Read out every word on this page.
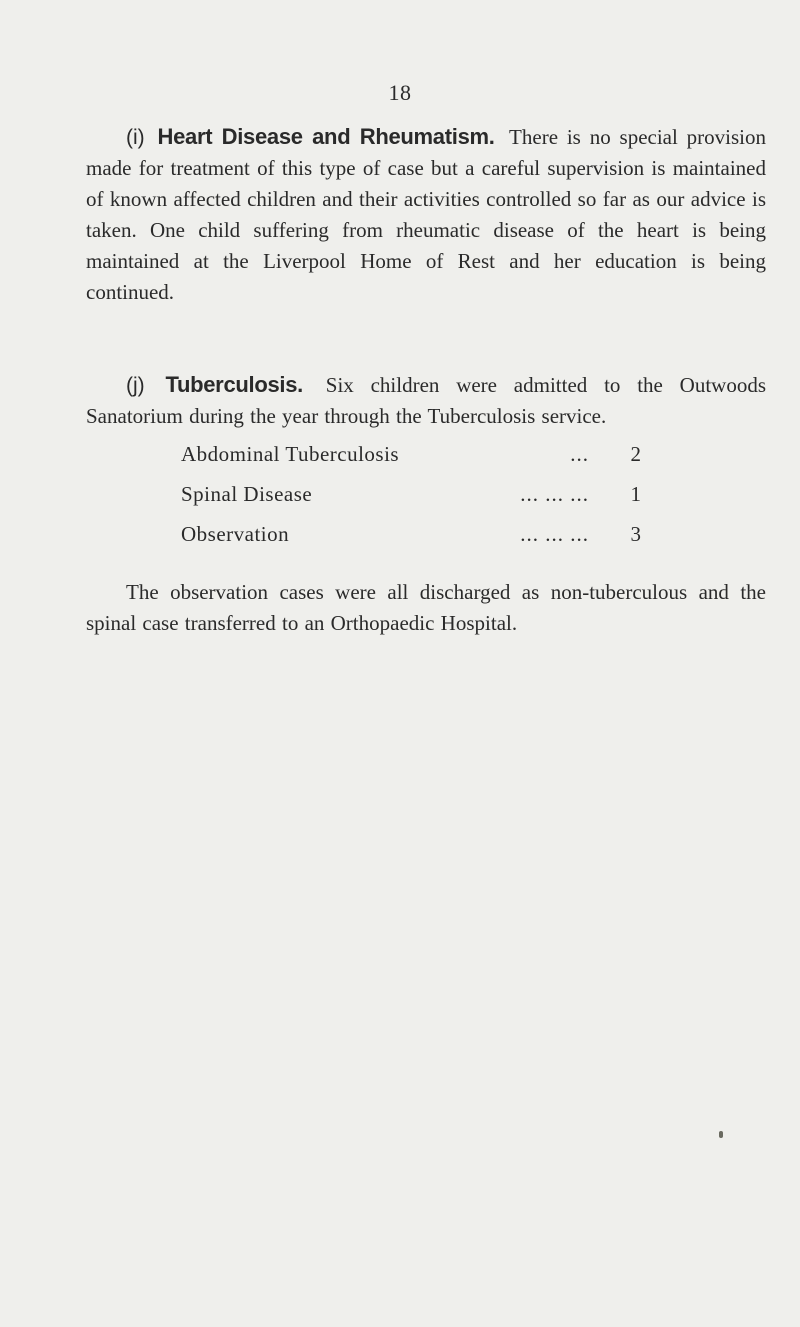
18
(i) Heart Disease and Rheumatism. There is no special provision made for treatment of this type of case but a careful supervision is maintained of known affected children and their activities controlled so far as our advice is taken. One child suffering from rheumatic disease of the heart is being maintained at the Liverpool Home of Rest and her education is being continued.
(j) Tuberculosis. Six children were admitted to the Outwoods Sanatorium during the year through the Tuberculosis service.
Abdominal Tuberculosis	...	2
Spinal Disease	... ... ...	1
Observation	... ... ...	3
The observation cases were all discharged as non-tuberculous and the spinal case transferred to an Orthopaedic Hospital.
